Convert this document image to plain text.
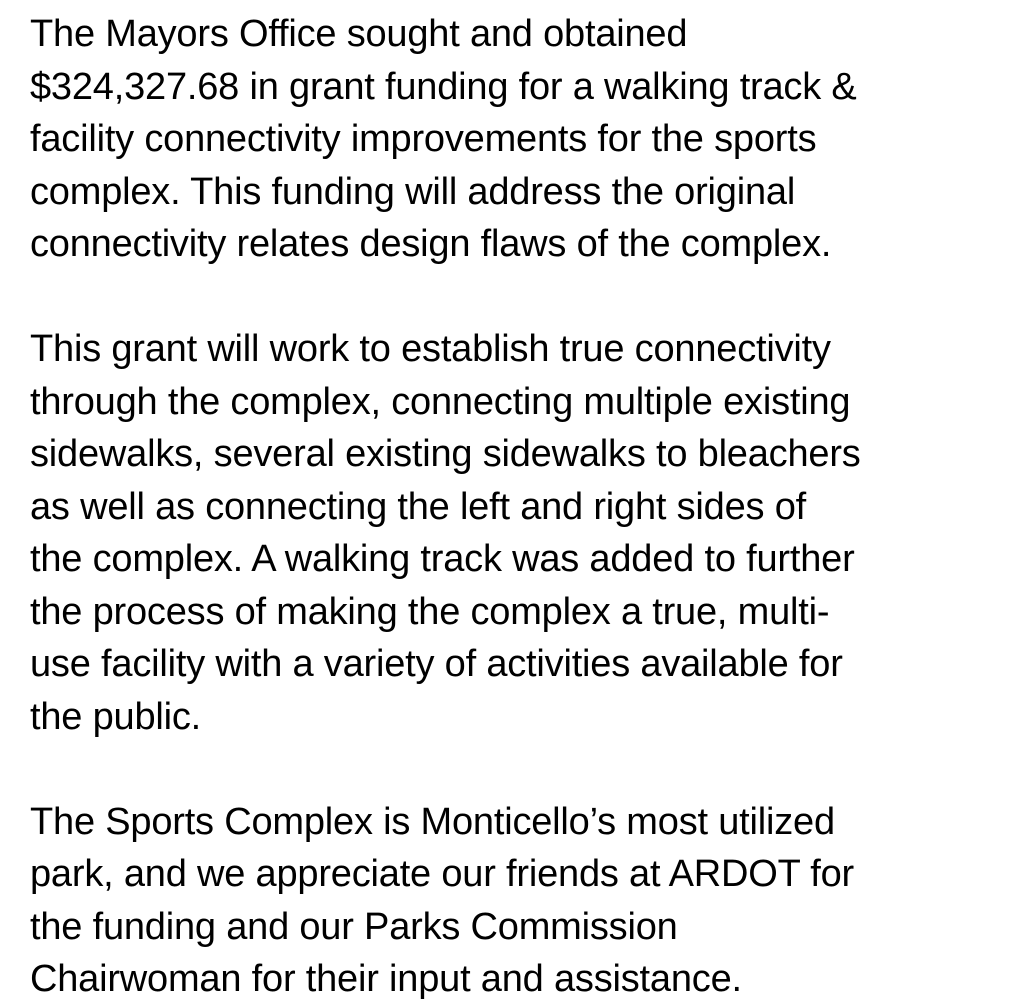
The Mayors Office sought and obtained
$324,327.68 in grant funding for a walking track &
facility connectivity improvements for the sports
complex. This funding will address the original
connectivity relates design flaws of the complex.

This grant will work to establish true connectivity
through the complex, connecting multiple existing
sidewalks, several existing sidewalks to bleachers
as well as connecting the left and right sides of
the complex. A walking track was added to further
the process of making the complex a true, multi-
use facility with a variety of activities available for
the public.

The Sports Complex is Monticello’s most utilized
park, and we appreciate our friends at ARDOT for
the funding and our Parks Commission
Chairwoman for their input and assistance.
